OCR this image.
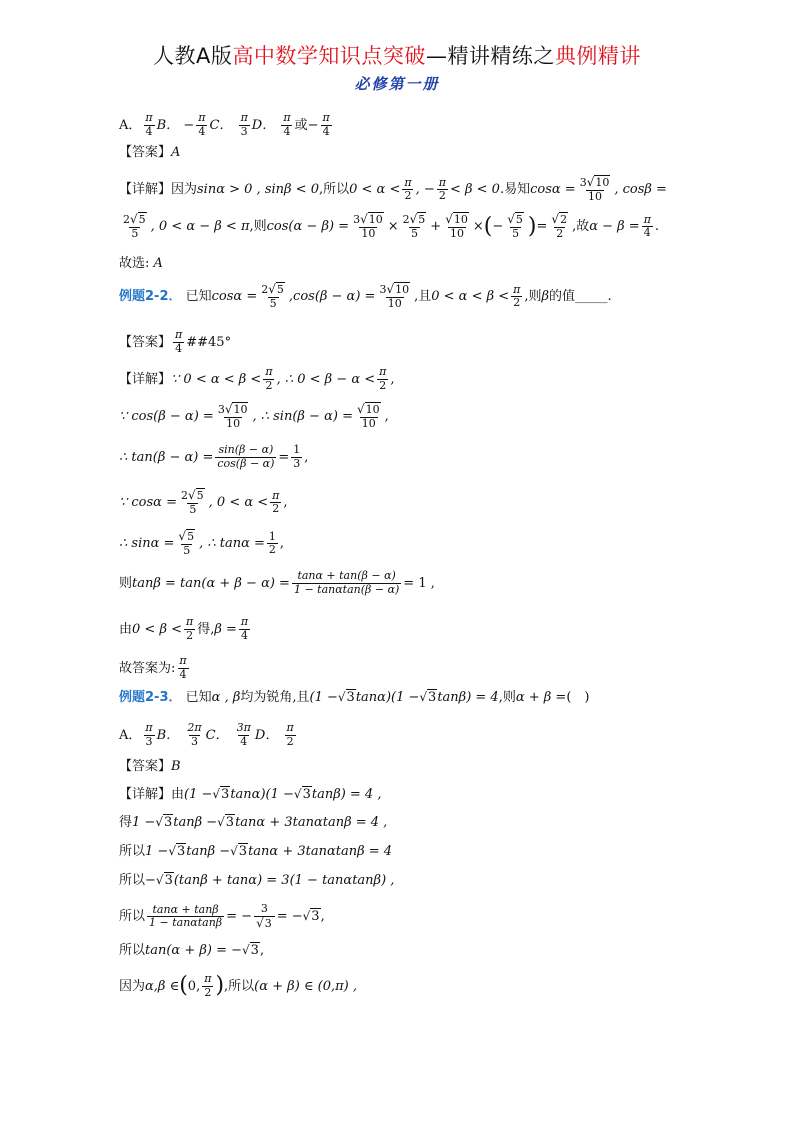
人教A版高中数学知识点突破—精讲精练之典例精讲
必修第一册
A． $\frac{\pi}{4}$ B．
− $\frac{\pi}{4}$ C．
$\frac{\pi}{3}$ D．
$\frac{\pi}{4}$ 或 − $\frac{\pi}{4}$
【答案】 A
【详解】因为 sinα > 0 , sinβ < 0 ,所以 $0 < \alpha < \frac{\pi}{2}$ , − $\frac{\pi}{2} < \beta < 0$ .易知 $\cos\alpha = \frac{3√10}{10}$ , cosβ =
$\frac{2√5}{5}$ , 0 < α − β < π ,则 $\cos(\alpha - \beta) = \frac{3√10}{10} \times \frac{2√5}{5} + \frac{√10}{10}$ × ( − $\frac{√5}{5}$ ) = $\frac{√2}{2}$ ,故 $\alpha - \beta = \frac{\pi}{4}$ .
故选:
A
例题2-2．
已知 $\cos\alpha = \frac{2√5}{5} ,\cos(\beta - \alpha) = \frac{3√10}{10}$ ,且 $0 < \alpha < \beta < \frac{\pi}{2}$ ,则 β 的值 _____ .
【答案】 $\frac{\pi}{4}$ ##45°
【详解】 ∵ $0 < \alpha < \beta < \frac{\pi}{2}$ , ∴ $0 < \beta - \alpha < \frac{\pi}{2}$ ,
∵ $\cos(\beta - \alpha) = \frac{3√10}{10}$ , ∴ $\sin(\beta - \alpha) = \frac{√10}{10}$ ,
∴ $\tan(\beta - \alpha) = \frac{\sin(\beta - \alpha)}{\cos(\beta - \alpha)} = \frac{1}{3}$ ,
∵ $\cos\alpha = \frac{2√5}{5}$ , $0 < \alpha < \frac{\pi}{2}$ ,
∴ $\sin\alpha = \frac{√5}{5}$ , ∴ $\tan\alpha = \frac{1}{2}$ ,
则 $\tan\beta = \tan(\alpha + \beta - \alpha) = \frac{\tan\alpha + \tan(\beta - \alpha)}{1 - \tan\alpha\tan(\beta - \alpha)} = 1$ ,
由 $0 < \beta < \frac{\pi}{2}$ 得, $\beta = \frac{\pi}{4}$
故答案为: $\frac{\pi}{4}$
例题2-3．
已知 α , β 均为锐角,且 (1 − √3 tanα)(1 − √3 tanβ) = 4 ,则 α + β = (　)
A． $\frac{\pi}{3}$ B．
$\frac{2\pi}{3}$ C．
$\frac{3\pi}{4}$ D．
$\frac{\pi}{2}$
【答案】 B
【详解】由 (1 − √3 tanα)(1 − √3 tanβ) = 4 ,
得 1 − √3 tanβ − √3 tanα + 3tanαtanβ = 4 ,
所以 1 − √3 tanβ − √3 tanα + 3tanαtanβ = 4
所以 − √3 (tanβ + tanα) = 3(1 − tanαtanβ) ,
所以 $\frac{\tan\alpha + \tan\beta}{1 - \tan\alpha\tan\beta}$ = − $\frac{3}{√3}$ = − √3 ,
所以 tan(α + β) = − √3 ,
因为 α,β ∈ ( 0, $\frac{\pi}{2}$ ) ,所以 (α + β) ∈ (0,π) ,
